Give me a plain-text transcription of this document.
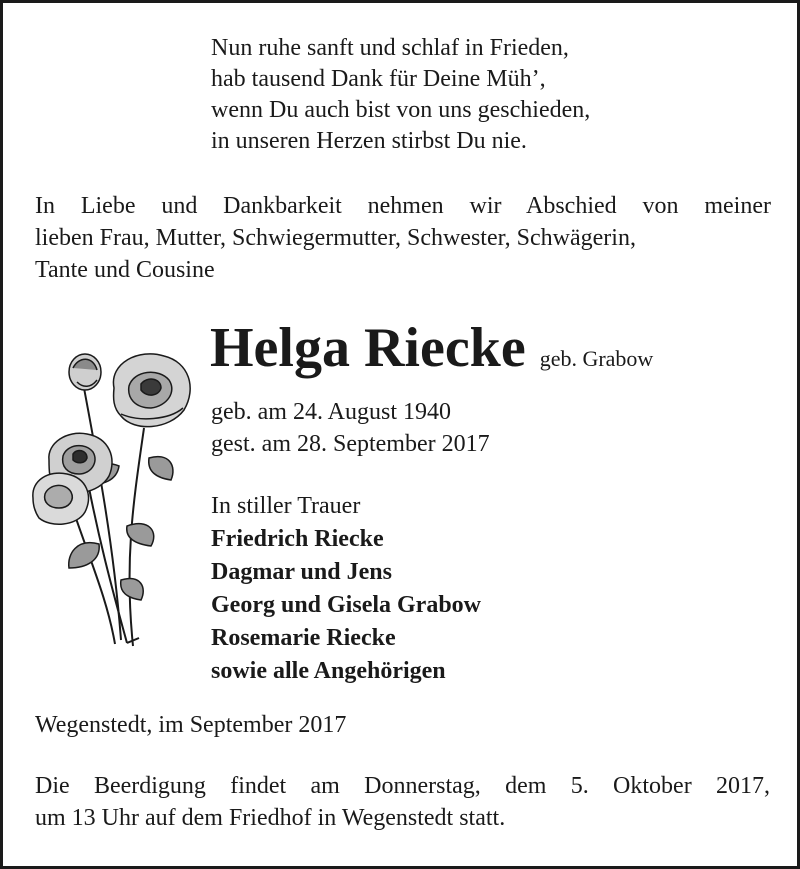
Nun ruhe sanft und schlaf in Frieden,
hab tausend Dank für Deine Müh’,
wenn Du auch bist von uns geschieden,
in unseren Herzen stirbst Du nie.
In Liebe und Dankbarkeit nehmen wir Abschied von meiner
lieben Frau, Mutter, Schwiegermutter, Schwester, Schwägerin,
Tante und Cousine
Helga Riecke geb. Grabow
geb. am 24. August 1940
gest. am 28. September 2017
In stiller Trauer
Friedrich Riecke
Dagmar und Jens
Georg und Gisela Grabow
Rosemarie Riecke
sowie alle Angehörigen
Wegenstedt, im September 2017
Die Beerdigung findet am Donnerstag, dem 5. Oktober 2017,
um 13 Uhr auf dem Friedhof in Wegenstedt statt.
